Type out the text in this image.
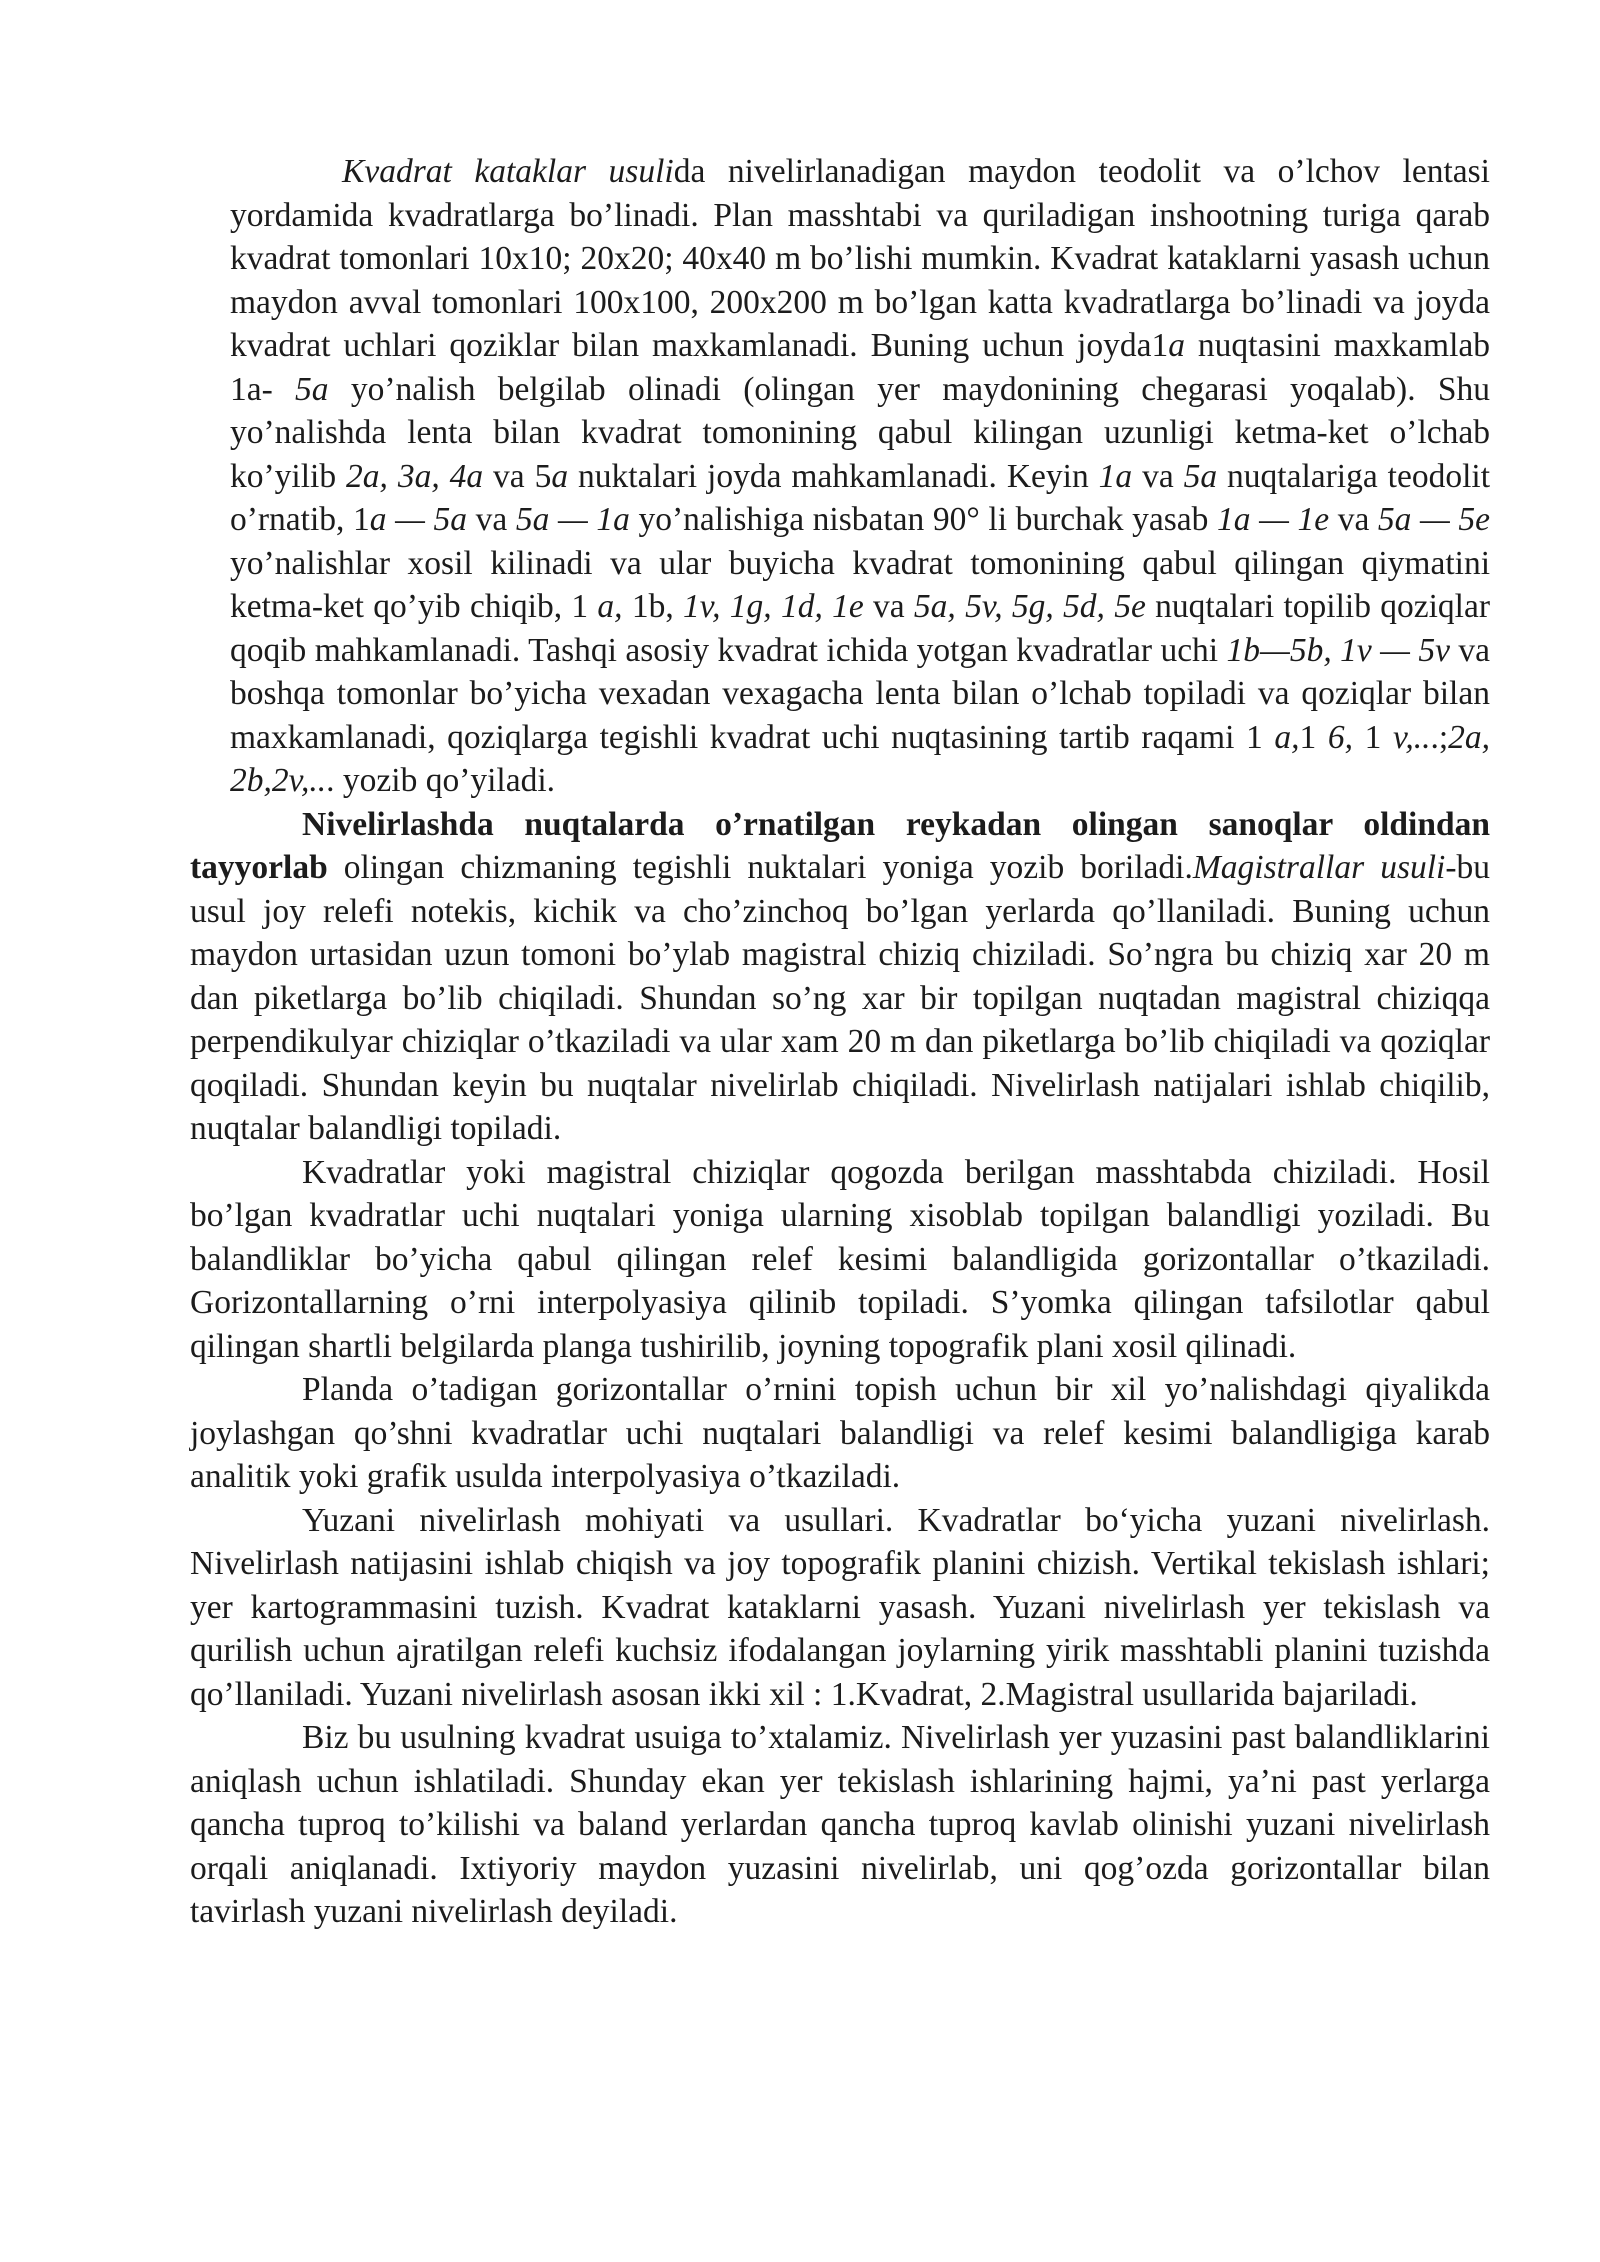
Kvadrat kataklar usulida nivelirlanadigan maydon teodolit va o’lchov lentasi yordamida kvadratlarga bo’linadi. Plan masshtabi va quriladigan inshootning turiga qarab kvadrat tomonlari 10x10; 20x20; 40x40 m bo’lishi mumkin. Kvadrat kataklarni yasash uchun maydon avval tomonlari 100x100, 200x200 m bo’lgan katta kvadratlarga bo’linadi va joyda kvadrat uchlari qoziklar bilan maxkamlanadi. Buning uchun joyda1a nuqtasini maxkamlab 1a- 5a yo’nalish belgilab olinadi (olingan yer maydonining chegarasi yoqalab). Shu yo’nalishda lenta bilan kvadrat tomonining qabul kilingan uzunligi ketma-ket o’lchab ko’yilib 2a, 3a, 4a va 5a nuktalari joyda mahkamlanadi. Keyin 1a va 5a nuqtalariga teodolit o’rnatib, 1a — 5a va 5a — 1a yo’nalishiga nisbatan 90° li burchak yasab 1a — 1e va 5a — 5e yo’nalishlar xosil kilinadi va ular buyicha kvadrat tomonining qabul qilingan qiymatini ketma-ket qo’yib chiqib, 1 a, 1b, 1v, 1g, 1d, 1e va 5a, 5v, 5g, 5d, 5e nuqtalari topilib qoziqlar qoqib mahkamlanadi. Tashqi asosiy kvadrat ichida yotgan kvadratlar uchi 1b—5b, 1v — 5v va boshqa tomonlar bo’yicha vexadan vexagacha lenta bilan o’lchab topiladi va qoziqlar bilan maxkamlanadi, qoziqlarga tegishli kvadrat uchi nuqtasining tartib raqami 1 a,1 6, 1 v,...;2a, 2b,2v,... yozib qo’yiladi.

Nivelirlashda nuqtalarda o’rnatilgan reykadan olingan sanoqlar oldindan tayyorlab olingan chizmaning tegishli nuktalari yoniga yozib boriladi.Magistrallar usuli-bu usul joy relefi notekis, kichik va cho’zinchoq bo’lgan yerlarda qo’llaniladi. Buning uchun maydon urtasidan uzun tomoni bo’ylab magistral chiziq chiziladi. So’ngra bu chiziq xar 20 m dan piketlarga bo’lib chiqiladi. Shundan so’ng xar bir topilgan nuqtadan magistral chiziqqa perpendikulyar chiziqlar o’tkaziladi va ular xam 20 m dan piketlarga bo’lib chiqiladi va qoziqlar qoqiladi. Shundan keyin bu nuqtalar nivelirlab chiqiladi. Nivelirlash natijalari ishlab chiqilib, nuqtalar balandligi topiladi.

Kvadratlar yoki magistral chiziqlar qogozda berilgan masshtabda chiziladi. Hosil bo’lgan kvadratlar uchi nuqtalari yoniga ularning xisoblab topilgan balandligi yoziladi. Bu balandliklar bo’yicha qabul qilingan relef kesimi balandligida gorizontallar o’tkaziladi. Gorizontallarning o’rni interpolyasiya qilinib topiladi. S’yomka qilingan tafsilotlar qabul qilingan shartli belgilarda planga tushirilib, joyning topografik plani xosil qilinadi.

Planda o’tadigan gorizontallar o’rnini topish uchun bir xil yo’nalishdagi qiyalikda joylashgan qo’shni kvadratlar uchi nuqtalari balandligi va relef kesimi balandligiga karab analitik yoki grafik usulda interpolyasiya o’tkaziladi.

Yuzani nivelirlash mohiyati va usullari. Kvadratlar bo‘yicha yuzani nivelirlash. Nivelirlash natijasini ishlab chiqish va joy topografik planini chizish. Vertikal tekislash ishlari; yer kartogrammasini tuzish. Kvadrat kataklarni yasash. Yuzani nivelirlash yer tekislash va qurilish uchun ajratilgan relefi kuchsiz ifodalangan joylarning yirik masshtabli planini tuzishda qo’llaniladi. Yuzani nivelirlash asosan ikki xil : 1.Kvadrat, 2.Magistral usullarida bajariladi.

Biz bu usulning kvadrat usuiga to’xtalamiz. Nivelirlash yer yuzasini past balandliklarini aniqlash uchun ishlatiladi. Shunday ekan yer tekislash ishlarining hajmi, ya’ni past yerlarga qancha tuproq to’kilishi va baland yerlardan qancha tuproq kavlab olinishi yuzani nivelirlash orqali aniqlanadi. Ixtiyoriy maydon yuzasini nivelirlab, uni qog’ozda gorizontallar bilan tavirlash yuzani nivelirlash deyiladi.
